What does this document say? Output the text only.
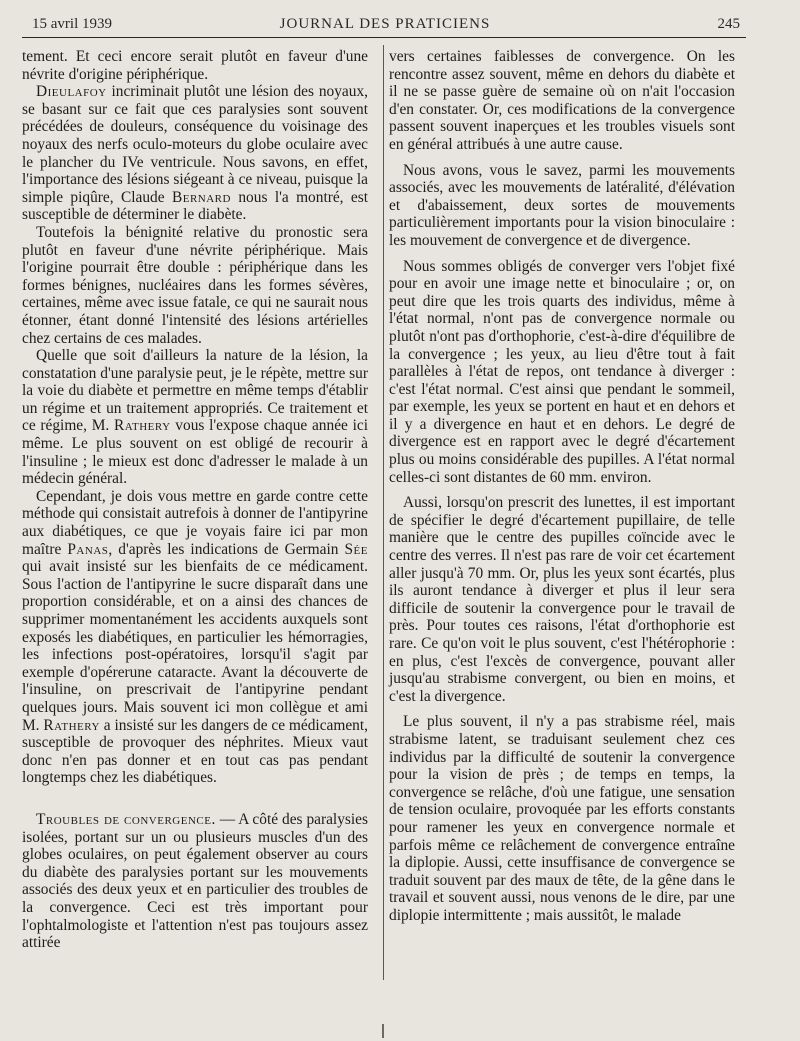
15 avril 1939	JOURNAL DES PRATICIENS	245

tement. Et ceci encore serait plutôt en faveur d'une névrite d'origine périphérique.

Dieulafoy incriminait plutôt une lésion des noyaux, se basant sur ce fait que ces paralysies sont souvent précédées de douleurs, conséquence du voisinage des noyaux des nerfs oculo-moteurs du globe oculaire avec le plancher du IVe ventricule. Nous savons, en effet, l'importance des lésions siégeant à ce niveau, puisque la simple piqûre, Claude Bernard nous l'a montré, est susceptible de déterminer le diabète.

Toutefois la bénignité relative du pronostic sera plutôt en faveur d'une névrite périphérique. Mais l'origine pourrait être double : périphérique dans les formes bénignes, nucléaires dans les formes sévères, certaines, même avec issue fatale, ce qui ne saurait nous étonner, étant donné l'intensité des lésions artérielles chez certains de ces malades.

Quelle que soit d'ailleurs la nature de la lésion, la constatation d'une paralysie peut, je le répète, mettre sur la voie du diabète et permettre en même temps d'établir un régime et un traitement appropriés. Ce traitement et ce régime, M. Rathery vous l'expose chaque année ici même. Le plus souvent on est obligé de recourir à l'insuline ; le mieux est donc d'adresser le malade à un médecin général.

Cependant, je dois vous mettre en garde contre cette méthode qui consistait autrefois à donner de l'antipyrine aux diabétiques, ce que je voyais faire ici par mon maître Panas, d'après les indications de Germain Sée qui avait insisté sur les bienfaits de ce médicament. Sous l'action de l'antipyrine le sucre disparaît dans une proportion considérable, et on a ainsi des chances de supprimer momentanément les accidents auxquels sont exposés les diabétiques, en particulier les hémorragies, les infections post-opératoires, lorsqu'il s'agit par exemple d'opérerune cataracte. Avant la découverte de l'insuline, on prescrivait de l'antipyrine pendant quelques jours. Mais souvent ici mon collègue et ami M. Rathery a insisté sur les dangers de ce médicament, susceptible de provoquer des néphrites. Mieux vaut donc n'en pas donner et en tout cas pas pendant longtemps chez les diabétiques.

Troubles de convergence. — A côté des paralysies isolées, portant sur un ou plusieurs muscles d'un des globes oculaires, on peut également observer au cours du diabète des paralysies portant sur les mouvements associés des deux yeux et en particulier des troubles de la convergence. Ceci est très important pour l'ophtalmologiste et l'attention n'est pas toujours assez attirée

vers certaines faiblesses de convergence. On les rencontre assez souvent, même en dehors du diabète et il ne se passe guère de semaine où on n'ait l'occasion d'en constater. Or, ces modifications de la convergence passent souvent inaperçues et les troubles visuels sont en général attribués à une autre cause.

Nous avons, vous le savez, parmi les mouvements associés, avec les mouvements de latéralité, d'élévation et d'abaissement, deux sortes de mouvements particulièrement importants pour la vision binoculaire : les mouvement de convergence et de divergence.

Nous sommes obligés de converger vers l'objet fixé pour en avoir une image nette et binoculaire ; or, on peut dire que les trois quarts des individus, même à l'état normal, n'ont pas de convergence normale ou plutôt n'ont pas d'orthophorie, c'est-à-dire d'équilibre de la convergence ; les yeux, au lieu d'être tout à fait parallèles à l'état de repos, ont tendance à diverger : c'est l'état normal. C'est ainsi que pendant le sommeil, par exemple, les yeux se portent en haut et en dehors et il y a divergence en haut et en dehors. Le degré de divergence est en rapport avec le degré d'écartement plus ou moins considérable des pupilles. A l'état normal celles-ci sont distantes de 60 mm. environ.

Aussi, lorsqu'on prescrit des lunettes, il est important de spécifier le degré d'écartement pupillaire, de telle manière que le centre des pupilles coïncide avec le centre des verres. Il n'est pas rare de voir cet écartement aller jusqu'à 70 mm. Or, plus les yeux sont écartés, plus ils auront tendance à diverger et plus il leur sera difficile de soutenir la convergence pour le travail de près. Pour toutes ces raisons, l'état d'orthophorie est rare. Ce qu'on voit le plus souvent, c'est l'hétérophorie : en plus, c'est l'excès de convergence, pouvant aller jusqu'au strabisme convergent, ou bien en moins, et c'est la divergence.

Le plus souvent, il n'y a pas strabisme réel, mais strabisme latent, se traduisant seulement chez ces individus par la difficulté de soutenir la convergence pour la vision de près ; de temps en temps, la convergence se relâche, d'où une fatigue, une sensation de tension oculaire, provoquée par les efforts constants pour ramener les yeux en convergence normale et parfois même ce relâchement de convergence entraîne la diplopie. Aussi, cette insuffisance de convergence se traduit souvent par des maux de tête, de la gêne dans le travail et souvent aussi, nous venons de le dire, par une diplopie intermittente ; mais aussitôt, le malade
